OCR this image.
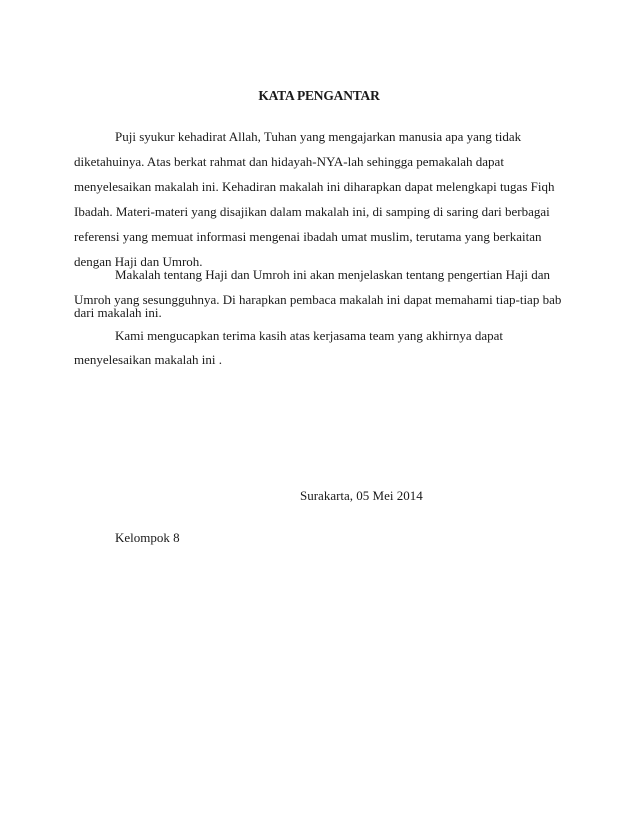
KATA PENGANTAR
Puji syukur kehadirat Allah, Tuhan yang mengajarkan manusia apa yang tidak
diketahuinya. Atas berkat rahmat dan hidayah-NYA-lah sehingga pemakalah dapat
menyelesaikan makalah ini. Kehadiran makalah ini diharapkan dapat melengkapi tugas Fiqh
Ibadah. Materi-materi yang disajikan dalam makalah ini, di samping di saring dari berbagai
referensi yang memuat informasi mengenai ibadah umat muslim, terutama yang berkaitan
dengan Haji dan Umroh.
Makalah tentang Haji dan Umroh ini akan menjelaskan tentang pengertian Haji dan
Umroh yang sesungguhnya. Di harapkan pembaca makalah ini dapat memahami tiap-tiap bab
dari makalah ini.
Kami mengucapkan terima kasih atas kerjasama team yang akhirnya dapat
menyelesaikan makalah ini .
Surakarta, 05 Mei 2014
Kelompok 8
